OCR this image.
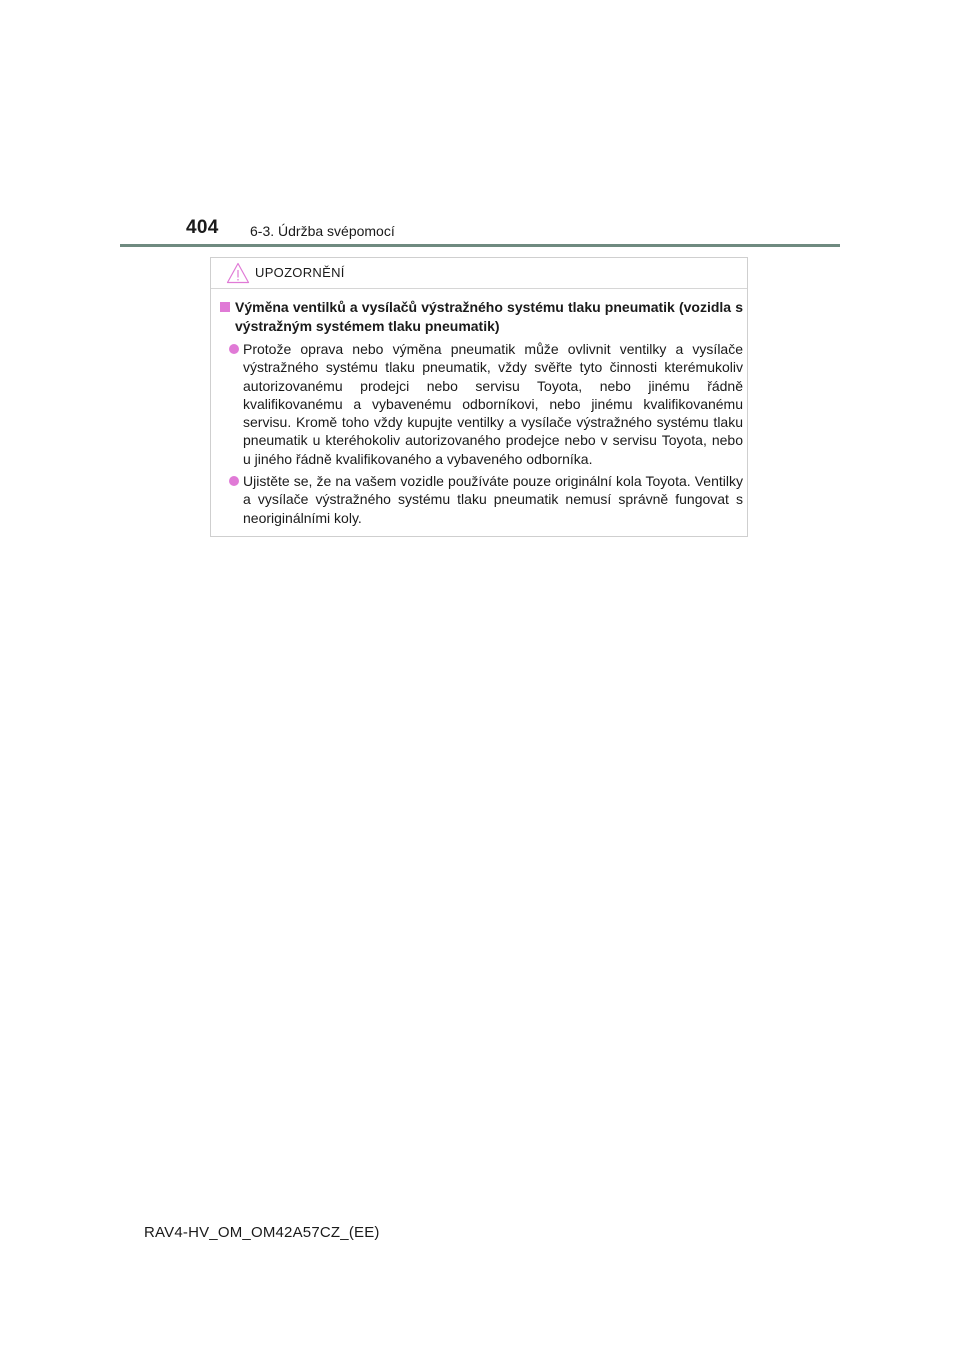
404 6-3. Údržba svépomocí
UPOZORNĚNÍ
Výměna ventilků a vysílačů výstražného systému tlaku pneumatik (vozidla s výstražným systémem tlaku pneumatik)
Protože oprava nebo výměna pneumatik může ovlivnit ventilky a vysílače výstražného systému tlaku pneumatik, vždy svěřte tyto činnosti kterémukoliv autorizovanému prodejci nebo servisu Toyota, nebo jinému řádně kvalifikovanému a vybavenému odborníkovi, nebo jinému kvalifikovanému servisu. Kromě toho vždy kupujte ventilky a vysílače výstražného systému tlaku pneumatik u kteréhokoliv autorizovaného prodejce nebo v servisu Toyota, nebo u jiného řádně kvalifikovaného a vybaveného odborníka.
Ujistěte se, že na vašem vozidle používáte pouze originální kola Toyota. Ventilky a vysílače výstražného systému tlaku pneumatik nemusí správně fungovat s neoriginálními koly.
RAV4-HV_OM_OM42A57CZ_(EE)
